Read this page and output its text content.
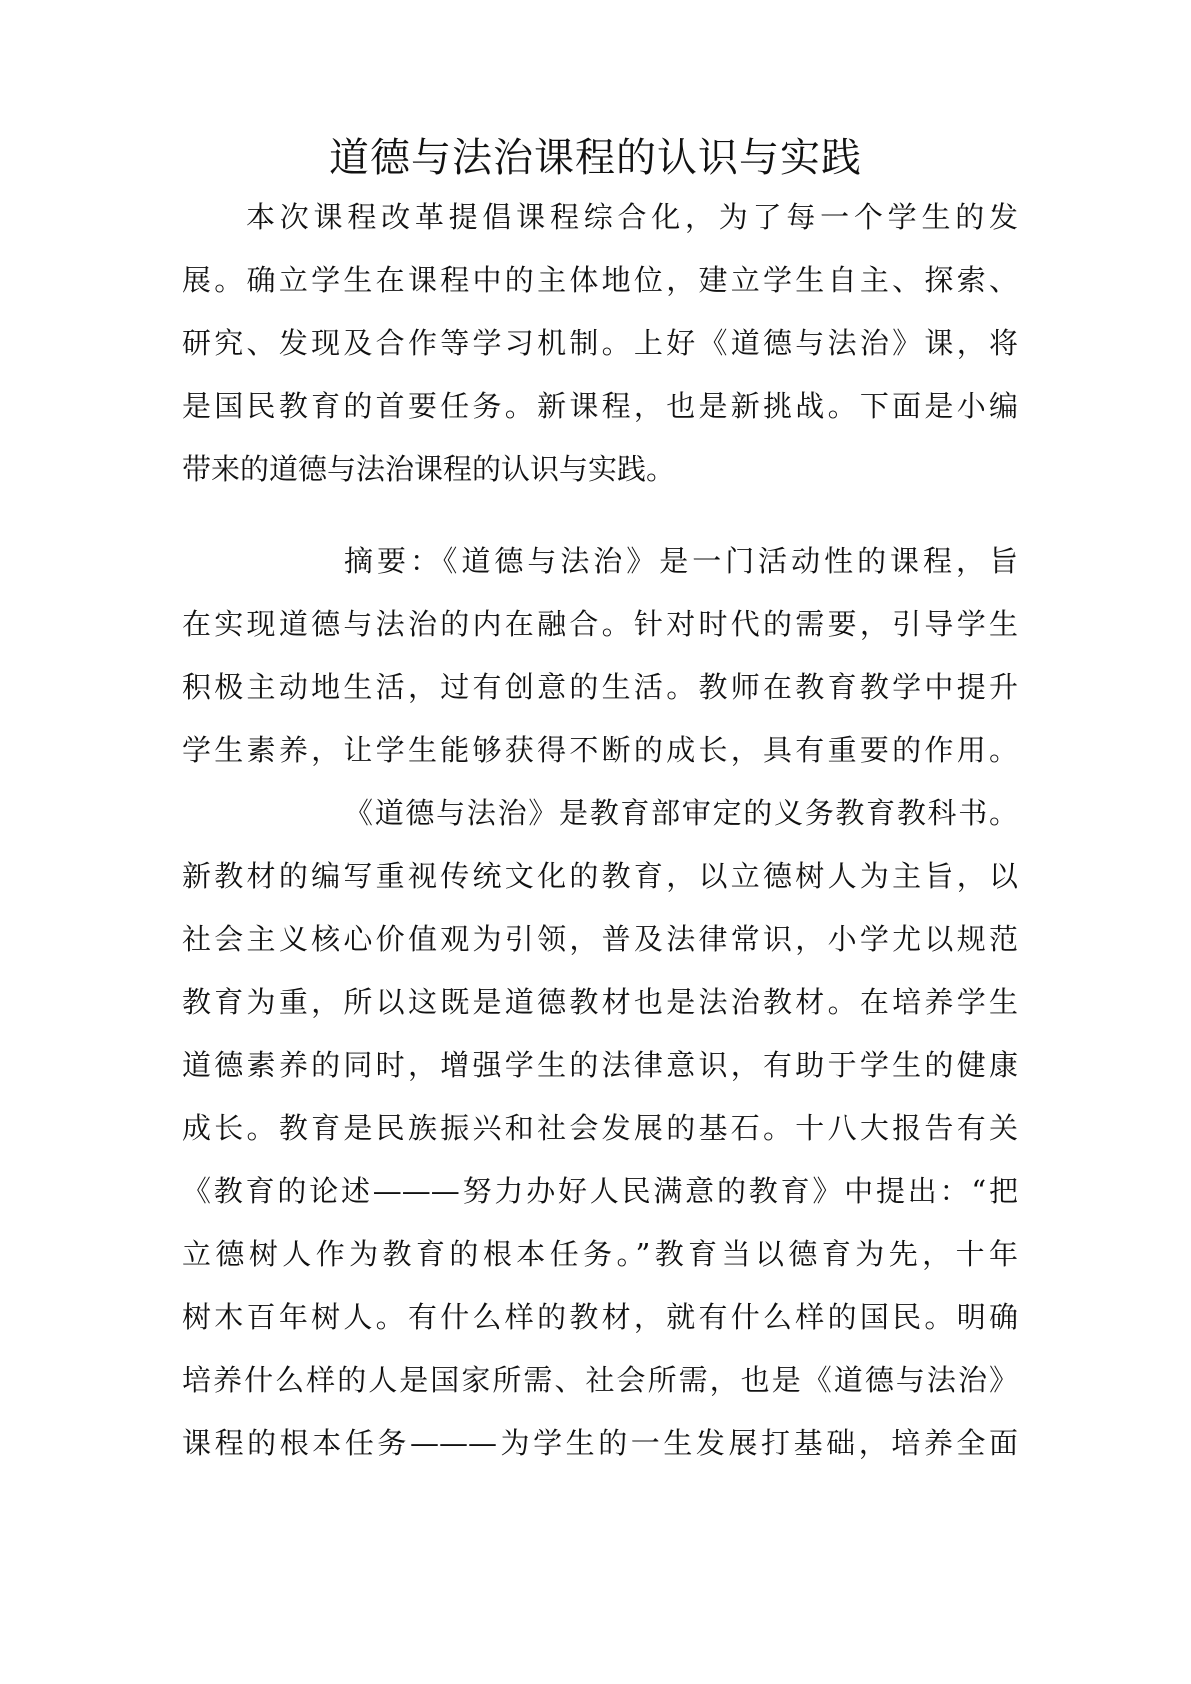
道德与法治课程的认识与实践
本次课程改革提倡课程综合化，为了每一个学生的发
展。确立学生在课程中的主体地位，建立学生自主、探索、
研究、发现及合作等学习机制。上好《道德与法治》课，将
是国民教育的首要任务。新课程，也是新挑战。下面是小编
带来的道德与法治课程的认识与实践。
摘要：《道德与法治》是一门活动性的课程，旨
在实现道德与法治的内在融合。针对时代的需要，引导学生
积极主动地生活，过有创意的生活。教师在教育教学中提升
学生素养，让学生能够获得不断的成长，具有重要的作用。
《道德与法治》是教育部审定的义务教育教科书。
新教材的编写重视传统文化的教育，以立德树人为主旨，以
社会主义核心价值观为引领，普及法律常识，小学尤以规范
教育为重，所以这既是道德教材也是法治教材。在培养学生
道德素养的同时，增强学生的法律意识，有助于学生的健康
成长。教育是民族振兴和社会发展的基石。十八大报告有关
《教育的论述———努力办好人民满意的教育》中提出：“把
立德树人作为教育的根本任务。”教育当以德育为先，十年
树木百年树人。有什么样的教材，就有什么样的国民。明确
培养什么样的人是国家所需、社会所需，也是《道德与法治》
课程的根本任务———为学生的一生发展打基础，培养全面
